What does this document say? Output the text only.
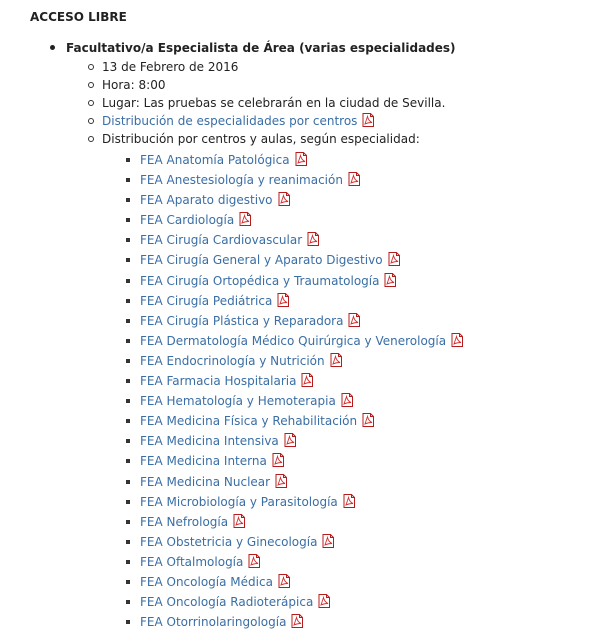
ACCESO LIBRE
Facultativo/a Especialista de Área (varias especialidades)
13 de Febrero de 2016
Hora: 8:00
Lugar: Las pruebas se celebrarán en la ciudad de Sevilla.
Distribución de especialidades por centros
Distribución por centros y aulas, según especialidad:
FEA Anatomía Patológica
FEA Anestesiología y reanimación
FEA Aparato digestivo
FEA Cardiología
FEA Cirugía Cardiovascular
FEA Cirugía General y Aparato Digestivo
FEA Cirugía Ortopédica y Traumatología
FEA Cirugía Pediátrica
FEA Cirugía Plástica y Reparadora
FEA Dermatología Médico Quirúrgica y Venerología
FEA Endocrinología y Nutrición
FEA Farmacia Hospitalaria
FEA Hematología y Hemoterapia
FEA Medicina Física y Rehabilitación
FEA Medicina Intensiva
FEA Medicina Interna
FEA Medicina Nuclear
FEA Microbiología y Parasitología
FEA Nefrología
FEA Obstetricia y Ginecología
FEA Oftalmología
FEA Oncología Médica
FEA Oncología Radioterápica
FEA Otorrinolaringología
